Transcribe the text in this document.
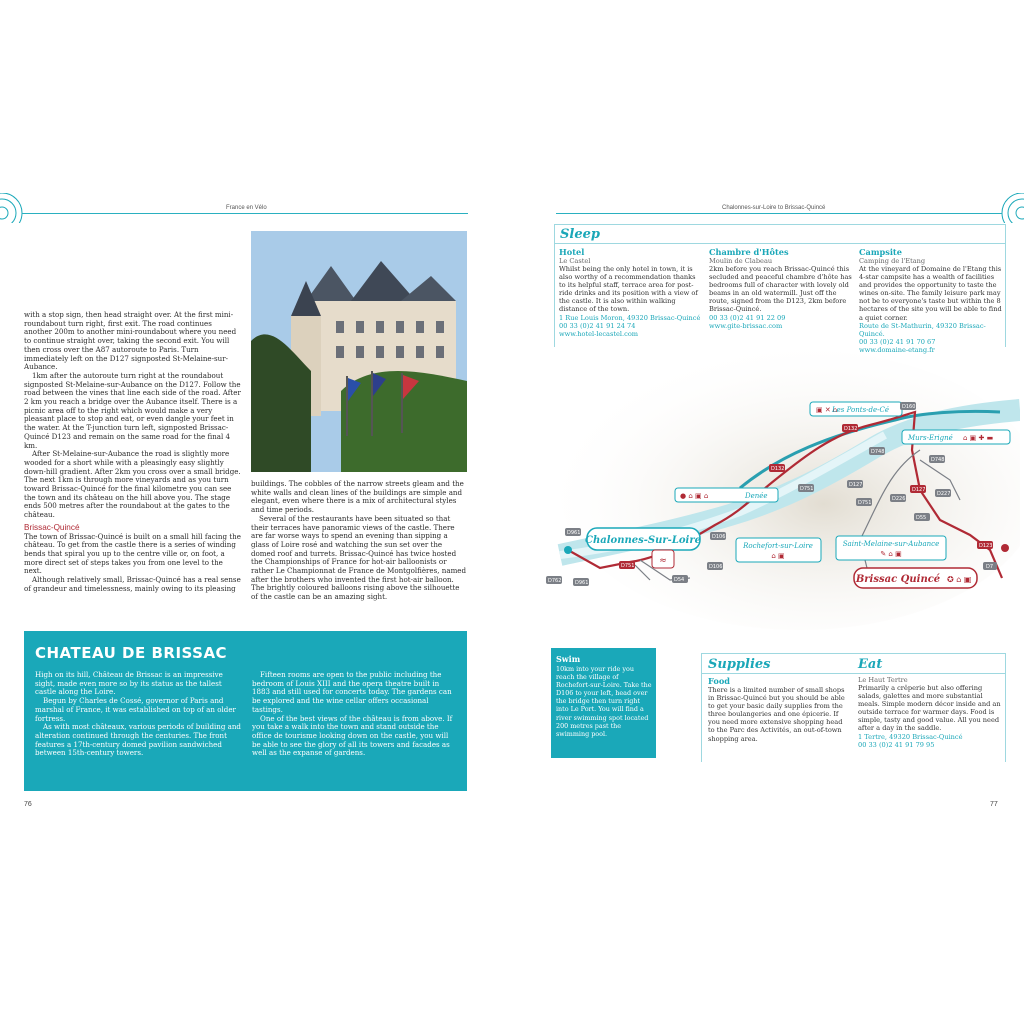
France en Vélo

with a stop sign, then head straight over. At the first mini-roundabout turn right, first exit. The road continues another 200m to another mini-roundabout where you need to continue straight over, taking the second exit. You will then cross over the A87 autoroute to Paris. Turn immediately left on the D127 signposted St-Melaine-sur-Aubance.

1km after the autoroute turn right at the roundabout signposted St-Melaine-sur-Aubance on the D127. Follow the road between the vines that line each side of the road. After 2 km you reach a bridge over the Aubance itself. There is a picnic area off to the right which would make a very pleasant place to stop and eat, or even dangle your feet in the water. At the T-junction turn left, signposted Brissac-Quincé D123 and remain on the same road for the final 4 km.

After St-Melaine-sur-Aubance the road is slightly more wooded for a short while with a pleasingly easy slightly down-hill gradient. After 2km you cross over a small bridge. The next 1km is through more vineyards and as you turn toward Brissac-Quincé for the final kilometre you can see the town and its château on the hill above you. The stage ends 500 metres after the roundabout at the gates to the château.

Brissac-Quincé

The town of Brissac-Quincé is built on a small hill facing the château. To get from the castle there is a series of winding bends that spiral you up to the centre ville or, on foot, a more direct set of steps takes you from one level to the next.

Although relatively small, Brissac-Quincé has a real sense of grandeur and timelessness, mainly owing to its pleasing

buildings. The cobbles of the narrow streets gleam and the white walls and clean lines of the buildings are simple and elegant, even where there is a mix of architectural styles and time periods.

Several of the restaurants have been situated so that their terraces have panoramic views of the castle. There are far worse ways to spend an evening than sipping a glass of Loire rosé and watching the sun set over the domed roof and turrets. Brissac-Quincé has twice hosted the Championships of France for hot-air balloonists or rather Le Championnat de France de Montgolfières, named after the brothers who invented the first hot-air balloon. The brightly coloured balloons rising above the silhouette of the castle can be an amazing sight.

CHATEAU DE BRISSAC

High on its hill, Château de Brissac is an impressive sight, made even more so by its status as the tallest castle along the Loire.

Begun by Charles de Cossé, governor of Paris and marshal of France, it was established on top of an older fortress.

As with most châteaux, various periods of building and alteration continued through the centuries. The front features a 17th-century domed pavilion sandwiched between 15th-century towers.

Fifteen rooms are open to the public including the bedroom of Louis XIII and the opera theatre built in 1883 and still used for concerts today. The gardens can be explored and the wine cellar offers occasional tastings.

One of the best views of the château is from above. If you take a walk into the town and stand outside the office de tourisme looking down on the castle, you will be able to see the glory of all its towers and facades as well as the expanse of gardens.

76
Chalonnes-sur-Loire to Brissac-Quincé
Sleep
Hotel
Le Castel
Whilst being the only hotel in town, it is also worthy of a recommendation thanks to its helpful staff, terrace area for post-ride drinks and its position with a view of the castle. It is also within walking distance of the town.
1 Rue Louis Moron, 49320 Brissac-Quincé
00 33 (0)2 41 91 24 74
www.hotel-lecastel.com
Chambre d'Hôtes
Moulin de Clabeau
2km before you reach Brissac-Quincé this secluded and peaceful chambre d'hôte has bedrooms full of character with lovely old beams in an old watermill. Just off the route, signed from the D123, 2km before Brissac-Quincé.
00 33 (0)2 41 91 22 09
www.gite-brissac.com
Campsite
Camping de l'Etang
At the vineyard of Domaine de l'Etang this 4-star campsite has a wealth of facilities and provides the opportunity to taste the wines on-site. The family leisure park may not be to everyone's taste but within the 8 hectares of the site you will be able to find a quiet corner.
Route de St-Mathurin, 49320 Brissac-Quincé.
00 33 (0)2 41 91 70 67
www.domaine-etang.fr
Chalonnes-Sur-Loire
Brissac Quincé ✪ ⌂ ▣
▣ ✕ ⌂
Les Ponts-de-Cé
Murs-Erigné ⌂ ▣ ✚ ▬
● ⌂ ▣ ⌂	Denée
Rochefort-sur-Loire
⌂ ▣
Saint-Melaine-sur-Aubance
✎ ⌂ ▣
≈
D160
D132
D132
D751
D961
D762	D961
D751
D54
D106
D106
D127
D748
D751
D127
D227
D748
D226
D123
D55
D7
Swim
10km into your ride you reach the village of Rochefort-sur-Loire. Take the D106 to your left, head over the bridge then turn right into Le Port. You will find a river swimming spot located 200 metres past the swimming pool.
Supplies	Eat
Food
There is a limited number of small shops in Brissac-Quincé but you should be able to get your basic daily supplies from the three boulangeries and one épicerie. If you need more extensive shopping head to the Parc des Activités, an out-of-town shopping area.
Le Haut Tertre
Primarily a crêperie but also offering salads, galettes and more substantial meals. Simple modern décor inside and an outside terrace for warmer days. Food is simple, tasty and good value. All you need after a day in the saddle.
1 Tertre, 49320 Brissac-Quincé
00 33 (0)2 41 91 79 95
77
